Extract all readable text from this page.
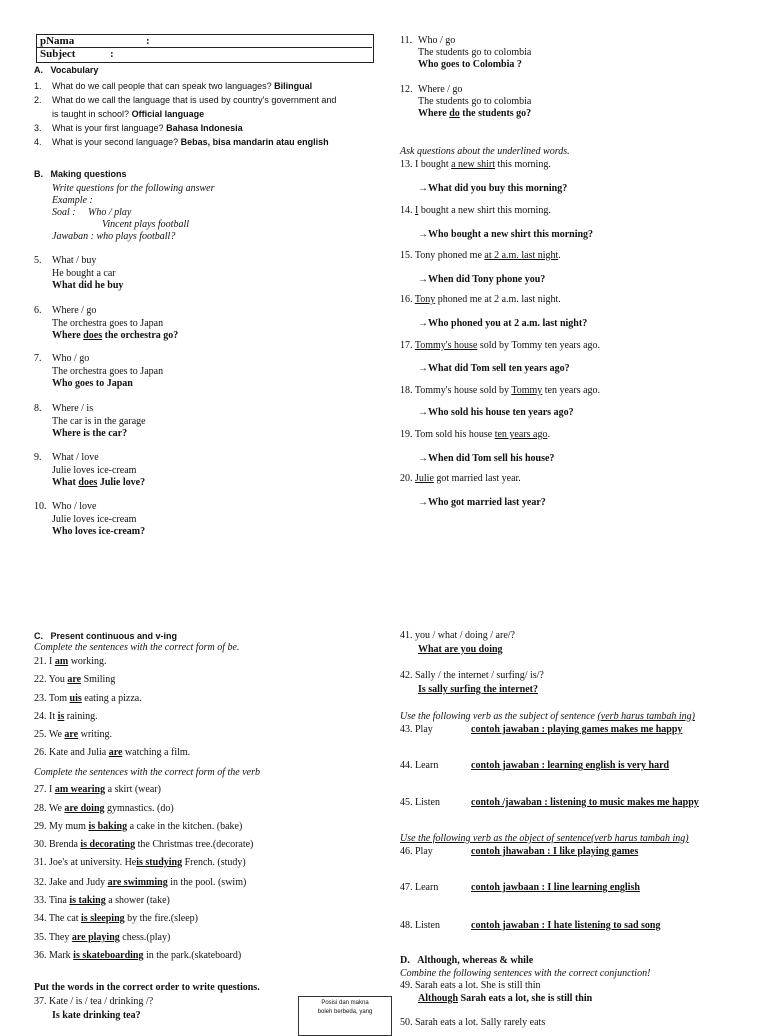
pNama	:
Subject	:
A.   Vocabulary
1. What do we call people that can speak two languages? Bilingual
2. What do we call the language that is used by country's government and
is taught in school? Official language
3. What is your first language? Bahasa Indonesia
4. What is your second language? Bebas, bisa mandarin atau english
B.   Making questions
Write questions for the following answer
Example :
Soal : Who / play
Vincent plays football
Jawaban : who plays football?
5. What / buy
He bought a car
What did he buy
6. Where / go
The orchestra goes to Japan
Where does the orchestra go?
7. Who / go
The orchestra goes to Japan
Who goes to Japan
8. Where / is
The car is in the garage
Where is the car?
9. What / love
Julie loves ice-cream
What does Julie love?
10. Who / love
Julie loves ice-cream
Who loves ice-cream?
11. Who / go
The students go to colombia
Who goes to Colombia ?
12. Where / go
The students go to colombia
Where do the students go?
Ask questions about the underlined words.
13. I bought a new shirt this morning.
→What did you buy this morning?
14. I bought a new shirt this morning.
→Who bought a new shirt this morning?
15. Tony phoned me at 2 a.m. last night.
→When did Tony phone you?
16. Tony phoned me at 2 a.m. last night.
→Who phoned you at 2 a.m. last night?
17. Tommy's house sold by Tommy ten years ago.
→What did Tom sell ten years ago?
18. Tommy's house sold by Tommy ten years ago.
→Who sold his house ten years ago?
19. Tom sold his house ten years ago.
→When did Tom sell his house?
20. Julie got married last year.
→Who got married last year?
C.   Present continuous and v-ing
Complete the sentences with the correct form of be.
21. I am working.
22. You are Smiling
23. Tom uis eating a pizza.
24. It is raining.
25. We are writing.
26. Kate and Julia are watching a film.
Complete the sentences with the correct form of the verb
27. I am wearing a skirt (wear)
28. We are doing gymnastics. (do)
29. My mum is baking a cake in the kitchen. (bake)
30. Brenda is decorating the Christmas tree.(decorate)
31. Joe's at university. Heis studying French. (study)
32. Jake and Judy are swimming in the pool. (swim)
33. Tina is taking a shower (take)
34. The cat is sleeping by the fire.(sleep)
35. They are playing chess.(play)
36. Mark is skateboarding in the park.(skateboard)
Put the words in the correct order to write questions.
37. Kate / is / tea / drinking /?
Is kate drinking tea?
Posisi dan makna
boleh berbeda, yang
41. you / what / doing / are/?
What are you doing
42. Sally / the internet / surfing/ is/?
Is sally surfing the internet?
Use the following verb as the subject of sentence (verb harus tambah ing)
43. Play	contoh jawaban : playing games makes me happy
44. Learn	contoh jawaban : learning english is very hard
45. Listen	contoh /jawaban : listening to music makes me happy
Use the following verb as the object of sentence(verb harus tambah ing)
46. Play	contoh jhawaban : I like playing games
47. Learn	contoh jawbaan : I line learning english
48. Listen	contoh jawaban : I hate listening to sad song
D.   Although, whereas & while
Combine the following sentences with the correct conjunction!
49. Sarah eats a lot. She is still thin
Although Sarah eats a lot, she is still thin
50. Sarah eats a lot. Sally rarely eats
